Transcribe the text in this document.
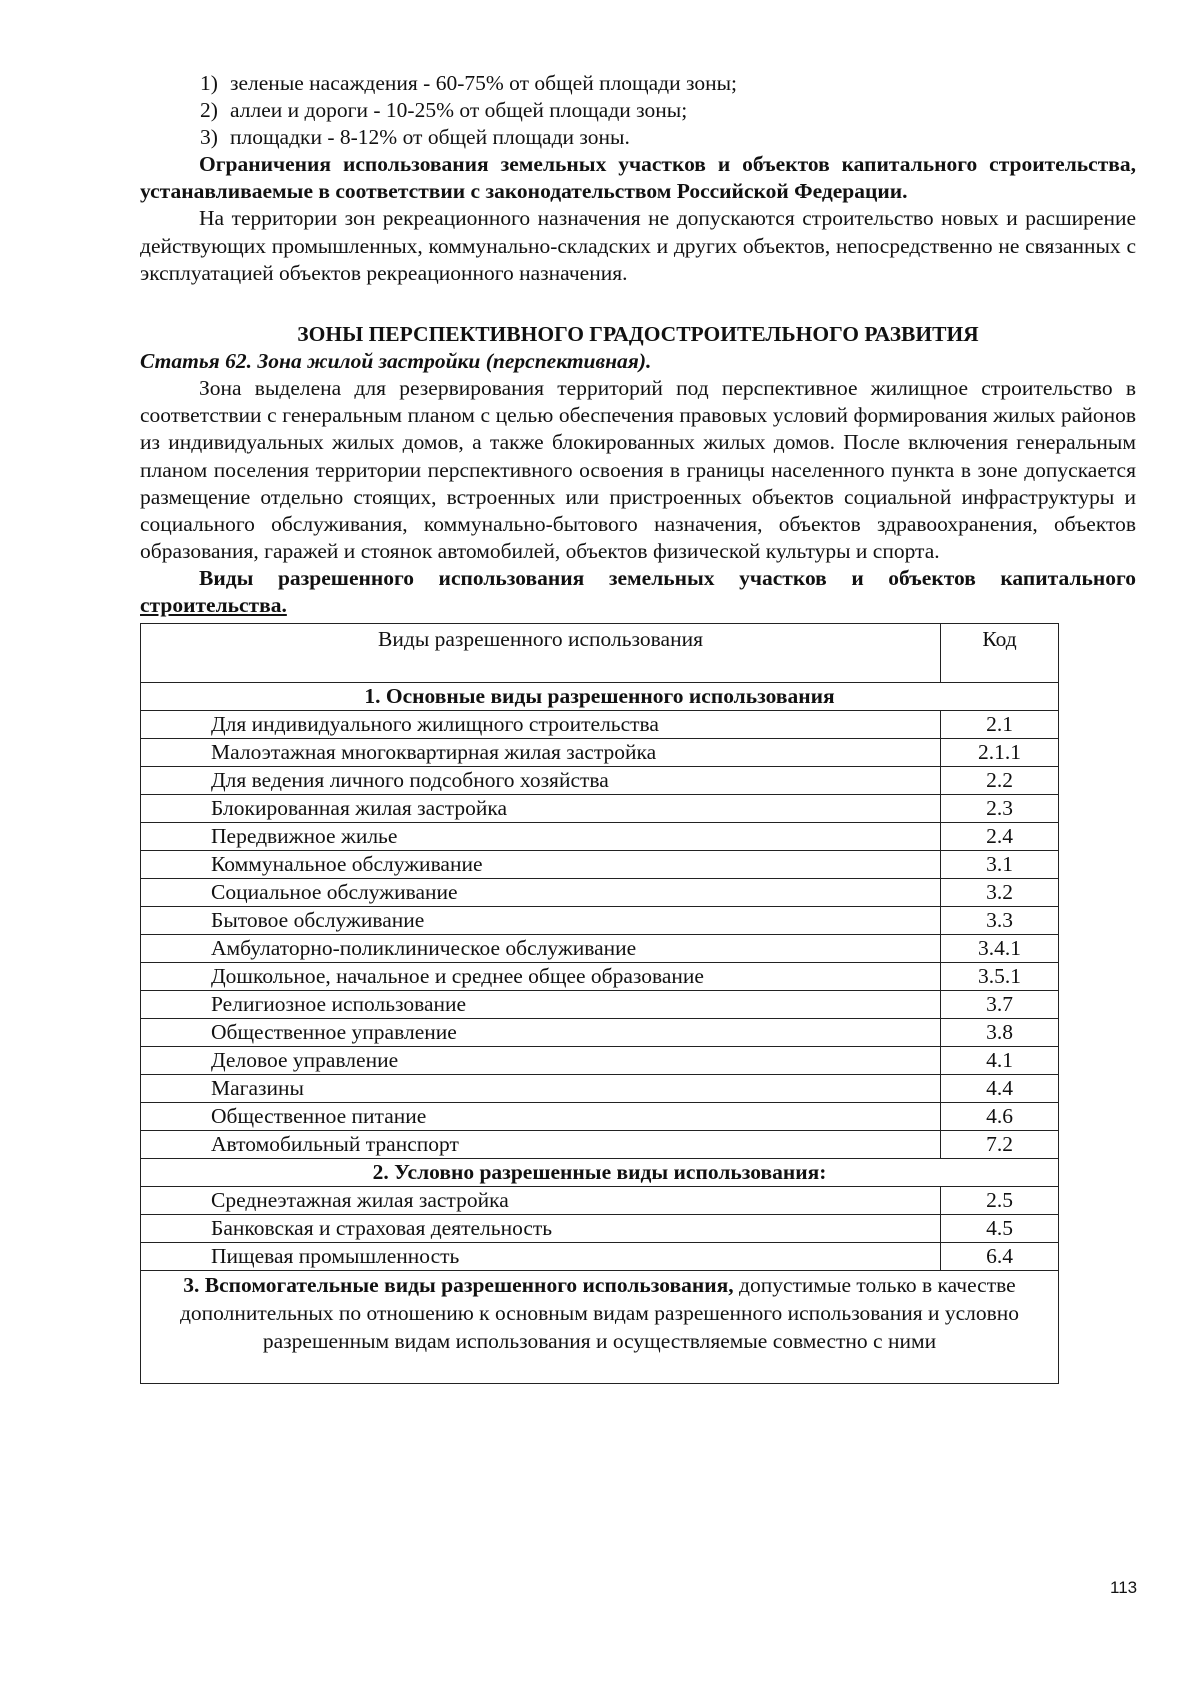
1) зеленые насаждения - 60-75% от общей площади зоны;
2) аллеи и дороги - 10-25% от общей площади зоны;
3) площадки - 8-12% от общей площади зоны.

Ограничения использования земельных участков и объектов капитального строительства, устанавливаемые в соответствии с законодательством Российской Федерации.

На территории зон рекреационного назначения не допускаются строительство новых и расширение действующих промышленных, коммунально-складских и других объектов, непосредственно не связанных с эксплуатацией объектов рекреационного назначения.

ЗОНЫ ПЕРСПЕКТИВНОГО ГРАДОСТРОИТЕЛЬНОГО РАЗВИТИЯ
Статья 62. Зона жилой застройки (перспективная).

Зона выделена для резервирования территорий под перспективное жилищное строительство в соответствии с генеральным планом с целью обеспечения правовых условий формирования жилых районов из индивидуальных жилых домов, а также блокированных жилых домов. После включения генеральным планом поселения территории перспективного освоения в границы населенного пункта в зоне допускается размещение отдельно стоящих, встроенных или пристроенных объектов социальной инфраструктуры и социального обслуживания, коммунально-бытового назначения, объектов здравоохранения, объектов образования, гаражей и стоянок автомобилей, объектов физической культуры и спорта.

Виды разрешенного использования земельных участков и объектов капитального строительства.
Виды разрешенного использования	Код
1. Основные виды разрешенного использования	
Для индивидуального жилищного строительства	2.1
Малоэтажная многоквартирная жилая застройка	2.1.1
Для ведения личного подсобного хозяйства	2.2
Блокированная жилая застройка	2.3
Передвижное жилье	2.4
Коммунальное обслуживание	3.1
Социальное обслуживание	3.2
Бытовое обслуживание	3.3
Амбулаторно-поликлиническое обслуживание	3.4.1
Дошкольное, начальное и среднее общее образование	3.5.1
Религиозное использование	3.7
Общественное управление	3.8
Деловое управление	4.1
Магазины	4.4
Общественное питание	4.6
Автомобильный транспорт	7.2
2. Условно разрешенные виды использования:	
Среднеэтажная жилая застройка	2.5
Банковская и страховая деятельность	4.5
Пищевая промышленность	6.4
3. Вспомогательные виды разрешенного использования, допустимые только в качестве дополнительных по отношению к основным видам разрешенного использования и условно разрешенным видам использования и осуществляемые совместно с ними	
113
